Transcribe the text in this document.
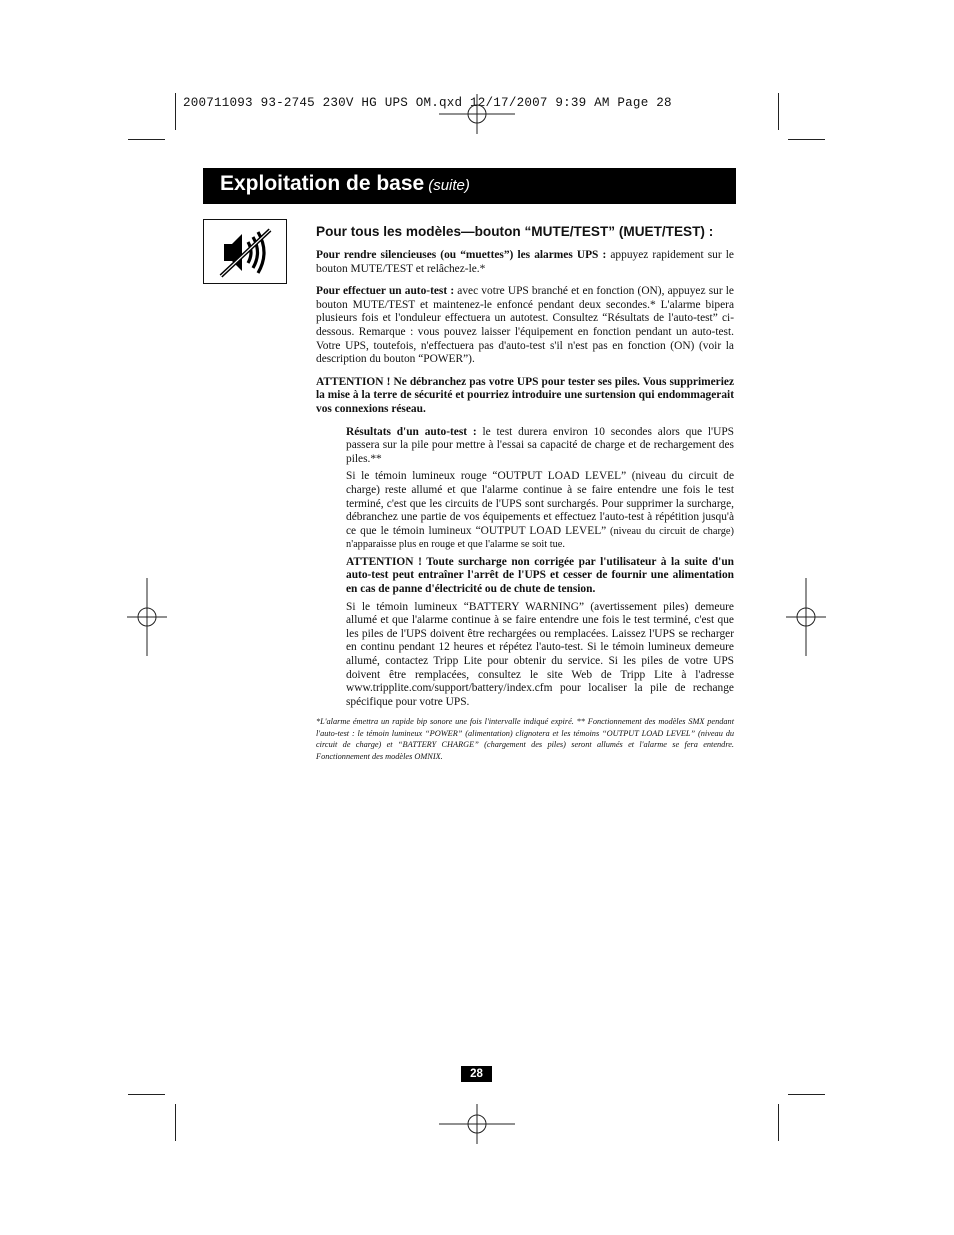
200711093 93-2745 230V HG UPS OM.qxd 12/17/2007 9:39 AM Page 28
Exploitation de base (suite)
Pour tous les modèles—bouton “MUTE/TEST” (MUET/TEST) :

Pour rendre silencieuses (ou “muettes”) les alarmes UPS : appuyez rapidement sur le bouton MUTE/TEST et relâchez-le.*

Pour effectuer un auto-test : avec votre UPS branché et en fonction (ON), appuyez sur le bouton MUTE/TEST et maintenez-le enfoncé pendant deux secondes.* L'alarme bipera plusieurs fois et l'onduleur effectuera un autotest. Consultez “Résultats de l'auto-test” ci-dessous. Remarque : vous pouvez laisser l'équipement en fonction pendant un auto-test. Votre UPS, toutefois, n'effectuera pas d'auto-test s'il n'est pas en fonction (ON) (voir la description du bouton “POWER”).

ATTENTION ! Ne débranchez pas votre UPS pour tester ses piles. Vous supprimeriez la mise à la terre de sécurité et pourriez introduire une surtension qui endommagerait vos connexions réseau.

Résultats d'un auto-test : le test durera environ 10 secondes alors que l'UPS passera sur la pile pour mettre à l'essai sa capacité de charge et de rechargement des piles.**

Si le témoin lumineux rouge “OUTPUT LOAD LEVEL” (niveau du circuit de charge) reste allumé et que l'alarme continue à se faire entendre une fois le test terminé, c'est que les circuits de l'UPS sont surchargés. Pour supprimer la surcharge, débranchez une partie de vos équipements et effectuez l'auto-test à répétition jusqu'à ce que le témoin lumineux “OUTPUT LOAD LEVEL” (niveau du circuit de charge) n'apparaisse plus en rouge et que l'alarme se soit tue.

ATTENTION ! Toute surcharge non corrigée par l'utilisateur à la suite d'un auto-test peut entraîner l'arrêt de l'UPS et cesser de fournir une alimentation en cas de panne d'électricité ou de chute de tension.

Si le témoin lumineux “BATTERY WARNING” (avertissement piles) demeure allumé et que l'alarme continue à se faire entendre une fois le test terminé, c'est que les piles de l'UPS doivent être rechargées ou remplacées. Laissez l'UPS se recharger en continu pendant 12 heures et répétez l'auto-test. Si le témoin lumineux demeure allumé, contactez Tripp Lite pour obtenir du service. Si les piles de votre UPS doivent être remplacées, consultez le site Web de Tripp Lite à l'adresse www.tripplite.com/support/battery/index.cfm pour localiser la pile de rechange spécifique pour votre UPS.

*L'alarme émettra un rapide bip sonore une fois l'intervalle indiqué expiré. ** Fonctionnement des modèles SMX pendant l'auto-test : le témoin lumineux “POWER” (alimentation) clignotera et les témoins “OUTPUT LOAD LEVEL” (niveau du circuit de charge) et “BATTERY CHARGE” (chargement des piles) seront allumés et l'alarme se fera entendre. Fonctionnement des modèles OMNIX.

28
